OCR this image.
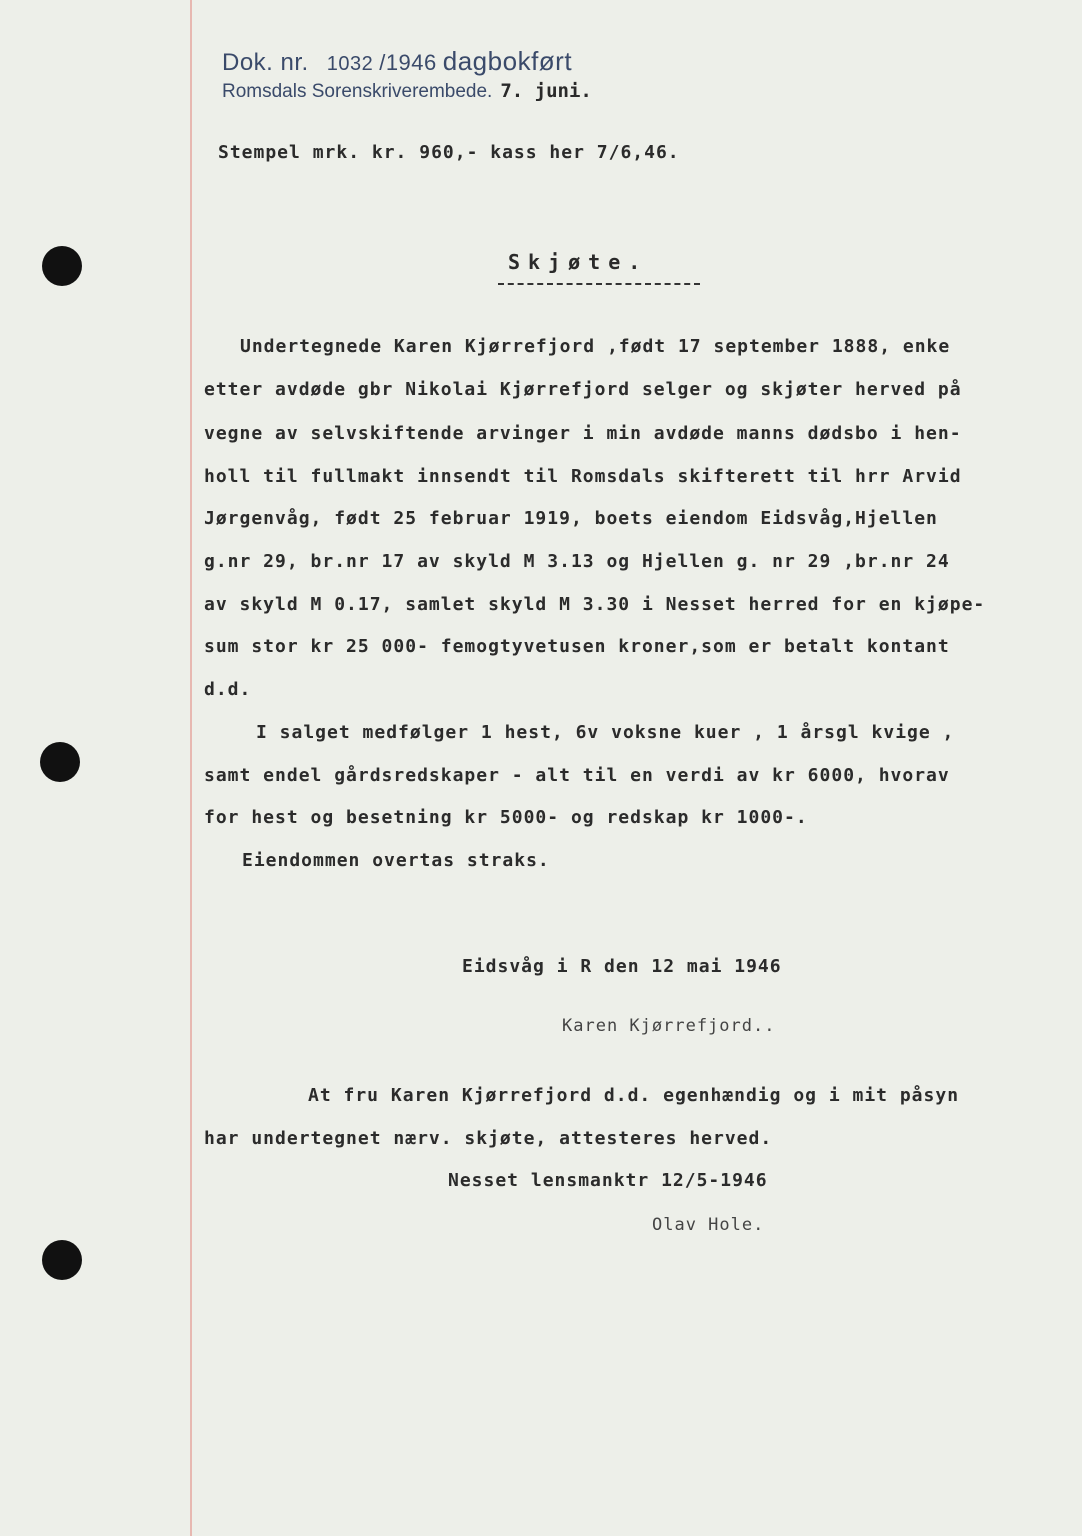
Dok. nr. 1032 /1946 dagbokført
Romsdals Sorenskriverembede. 7. juni.
Stempel mrk. kr. 960,- kass her 7/6,46.
Skjøte.
Undertegnede Karen Kjørrefjord ,født 17 september 1888, enke
etter avdøde gbr Nikolai Kjørrefjord selger og skjøter herved på
vegne av selvskiftende arvinger i min avdøde manns dødsbo i hen-
holl til fullmakt innsendt til Romsdals skifterett til hrr Arvid
Jørgenvåg, født 25 februar 1919, boets eiendom Eidsvåg,Hjellen
g.nr 29, br.nr 17 av skyld M 3.13 og Hjellen g. nr 29 ,br.nr 24
av skyld M 0.17, samlet skyld M 3.30 i Nesset herred for en kjøpe-
sum stor kr 25 000- femogtyvetusen kroner,som er betalt kontant
d.d.
I salget medfølger 1 hest, 6v voksne kuer , 1 årsgl kvige ,
samt endel gårdsredskaper - alt til en verdi av kr 6000, hvorav
for hest og besetning kr 5000- og redskap kr 1000-.
Eiendommen overtas straks.
Eidsvåg i R den 12 mai 1946
Karen Kjørrefjord..
At fru Karen Kjørrefjord d.d. egenhændig og i mit påsyn
har undertegnet nærv. skjøte, attesteres herved.
Nesset lensmanktr 12/5-1946
Olav Hole.
